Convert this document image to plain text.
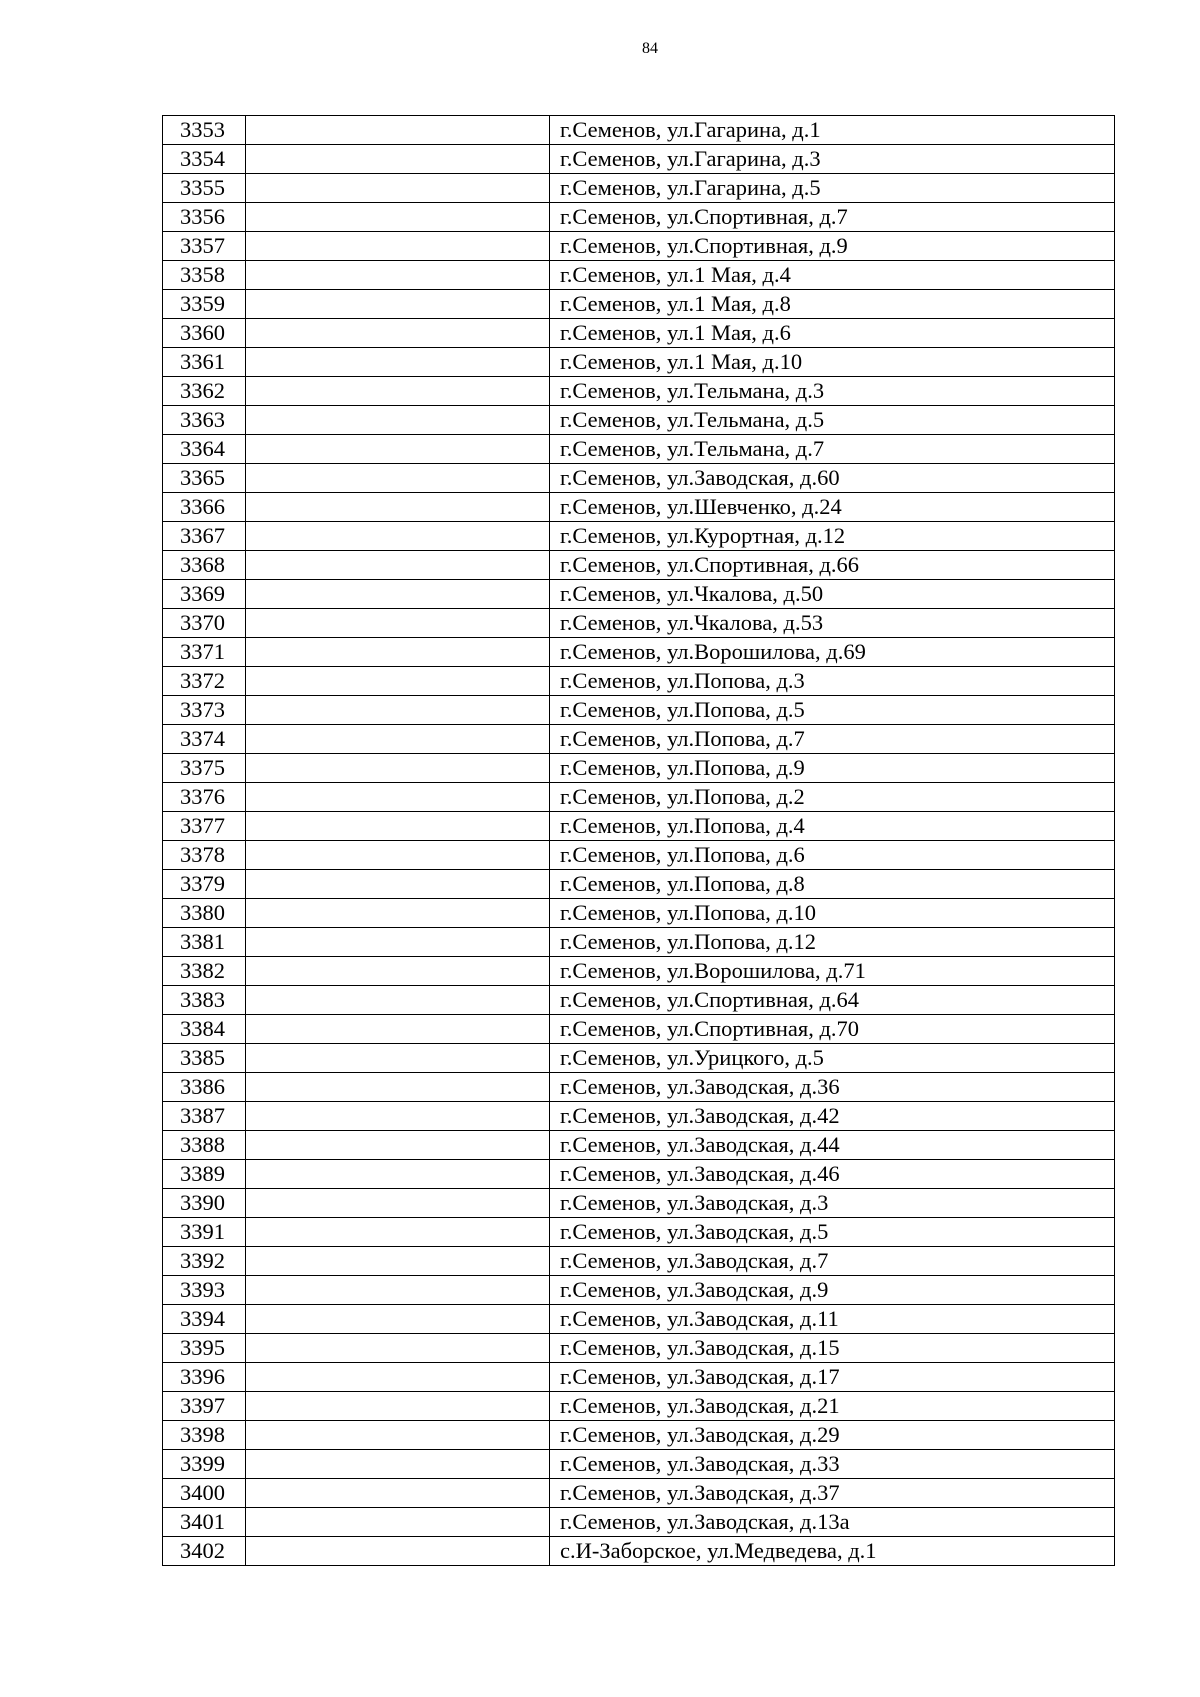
84
3353		г.Семенов, ул.Гагарина, д.1
3354		г.Семенов, ул.Гагарина, д.3
3355		г.Семенов, ул.Гагарина, д.5
3356		г.Семенов, ул.Спортивная, д.7
3357		г.Семенов, ул.Спортивная, д.9
3358		г.Семенов, ул.1 Мая, д.4
3359		г.Семенов, ул.1 Мая, д.8
3360		г.Семенов, ул.1 Мая, д.6
3361		г.Семенов, ул.1 Мая, д.10
3362		г.Семенов, ул.Тельмана, д.3
3363		г.Семенов, ул.Тельмана, д.5
3364		г.Семенов, ул.Тельмана, д.7
3365		г.Семенов, ул.Заводская, д.60
3366		г.Семенов, ул.Шевченко, д.24
3367		г.Семенов, ул.Курортная, д.12
3368		г.Семенов, ул.Спортивная, д.66
3369		г.Семенов, ул.Чкалова, д.50
3370		г.Семенов, ул.Чкалова, д.53
3371		г.Семенов, ул.Ворошилова, д.69
3372		г.Семенов, ул.Попова, д.3
3373		г.Семенов, ул.Попова, д.5
3374		г.Семенов, ул.Попова, д.7
3375		г.Семенов, ул.Попова, д.9
3376		г.Семенов, ул.Попова, д.2
3377		г.Семенов, ул.Попова, д.4
3378		г.Семенов, ул.Попова, д.6
3379		г.Семенов, ул.Попова, д.8
3380		г.Семенов, ул.Попова, д.10
3381		г.Семенов, ул.Попова, д.12
3382		г.Семенов, ул.Ворошилова, д.71
3383		г.Семенов, ул.Спортивная, д.64
3384		г.Семенов, ул.Спортивная, д.70
3385		г.Семенов, ул.Урицкого, д.5
3386		г.Семенов, ул.Заводская, д.36
3387		г.Семенов, ул.Заводская, д.42
3388		г.Семенов, ул.Заводская, д.44
3389		г.Семенов, ул.Заводская, д.46
3390		г.Семенов, ул.Заводская, д.3
3391		г.Семенов, ул.Заводская, д.5
3392		г.Семенов, ул.Заводская, д.7
3393		г.Семенов, ул.Заводская, д.9
3394		г.Семенов, ул.Заводская, д.11
3395		г.Семенов, ул.Заводская, д.15
3396		г.Семенов, ул.Заводская, д.17
3397		г.Семенов, ул.Заводская, д.21
3398		г.Семенов, ул.Заводская, д.29
3399		г.Семенов, ул.Заводская, д.33
3400		г.Семенов, ул.Заводская, д.37
3401		г.Семенов, ул.Заводская, д.13а
3402		с.И-Заборское, ул.Медведева, д.1
